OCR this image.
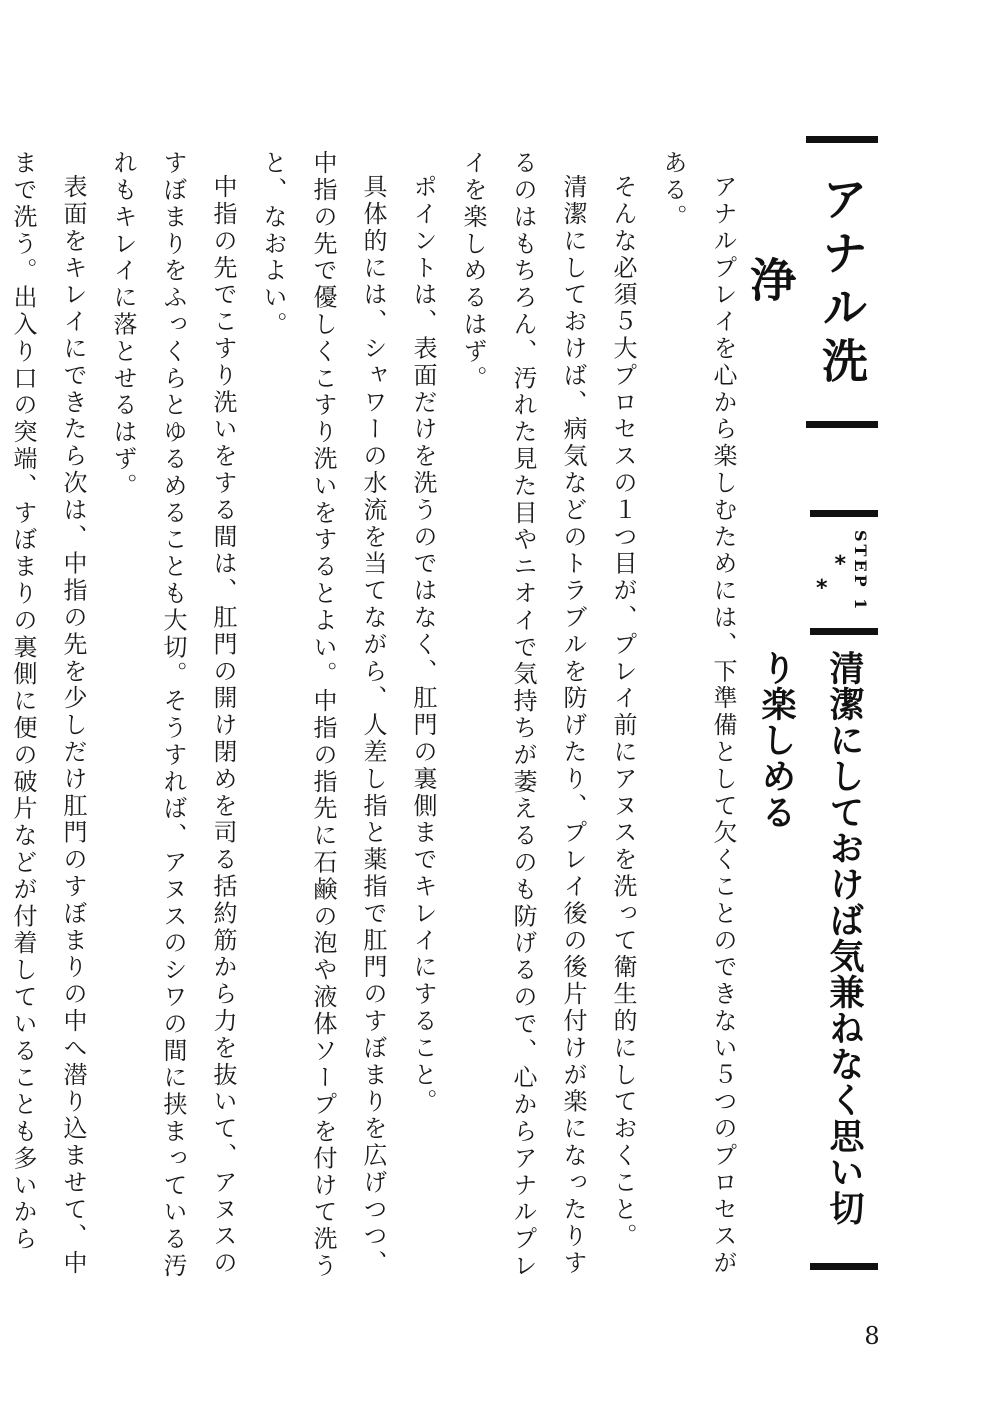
アナル洗浄
STEP 1
*
*
清潔にしておけば気兼ねなく思い切り楽しめる

アナルプレイを心から楽しむためには、下準備として欠くことのできない５つのプロセスがある。

そんな必須５大プロセスの１つ目が、プレイ前にアヌスを洗って衛生的にしておくこと。

清潔にしておけば、病気などのトラブルを防げたり、プレイ後の後片付けが楽になったりするのはもちろん、汚れた見た目やニオイで気持ちが萎えるのも防げるので、心からアナルプレイを楽しめるはず。

ポイントは、表面だけを洗うのではなく、肛門の裏側までキレイにすること。

具体的には、シャワーの水流を当てながら、人差し指と薬指で肛門のすぼまりを広げつつ、中指の先で優しくこすり洗いをするとよい。中指の指先に石鹸の泡や液体ソープを付けて洗うと、なおよい。

中指の先でこすり洗いをする間は、肛門の開け閉めを司る括約筋から力を抜いて、アヌスのすぼまりをふっくらとゆるめることも大切。そうすれば、アヌスのシワの間に挟まっている汚れもキレイに落とせるはず。

表面をキレイにできたら次は、中指の先を少しだけ肛門のすぼまりの中へ潜り込ませて、中まで洗う。出入り口の突端、すぼまりの裏側に便の破片などが付着していることも多いから

8
